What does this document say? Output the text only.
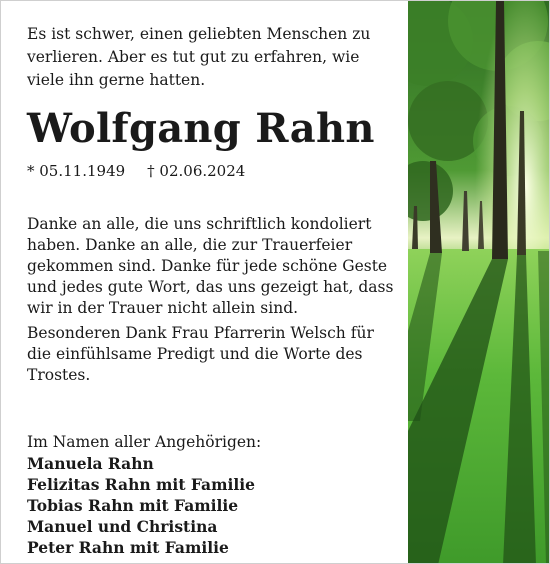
Es ist schwer, einen geliebten Menschen zu verlieren. Aber es tut gut zu erfahren, wie viele ihn gerne hatten.

Wolfgang Rahn

* 05.11.1949 † 02.06.2024

Danke an alle, die uns schriftlich kondoliert haben. Danke an alle, die zur Trauerfeier gekommen sind. Danke für jede schöne Geste und jedes gute Wort, das uns gezeigt hat, dass wir in der Trauer nicht allein sind.

Besonderen Dank Frau Pfarrerin Welsch für die einfühlsame Predigt und die Worte des Trostes.

Im Namen aller Angehörigen:

Manuela Rahn

Felizitas Rahn mit Familie

Tobias Rahn mit Familie

Manuel und Christina

Peter Rahn mit Familie
